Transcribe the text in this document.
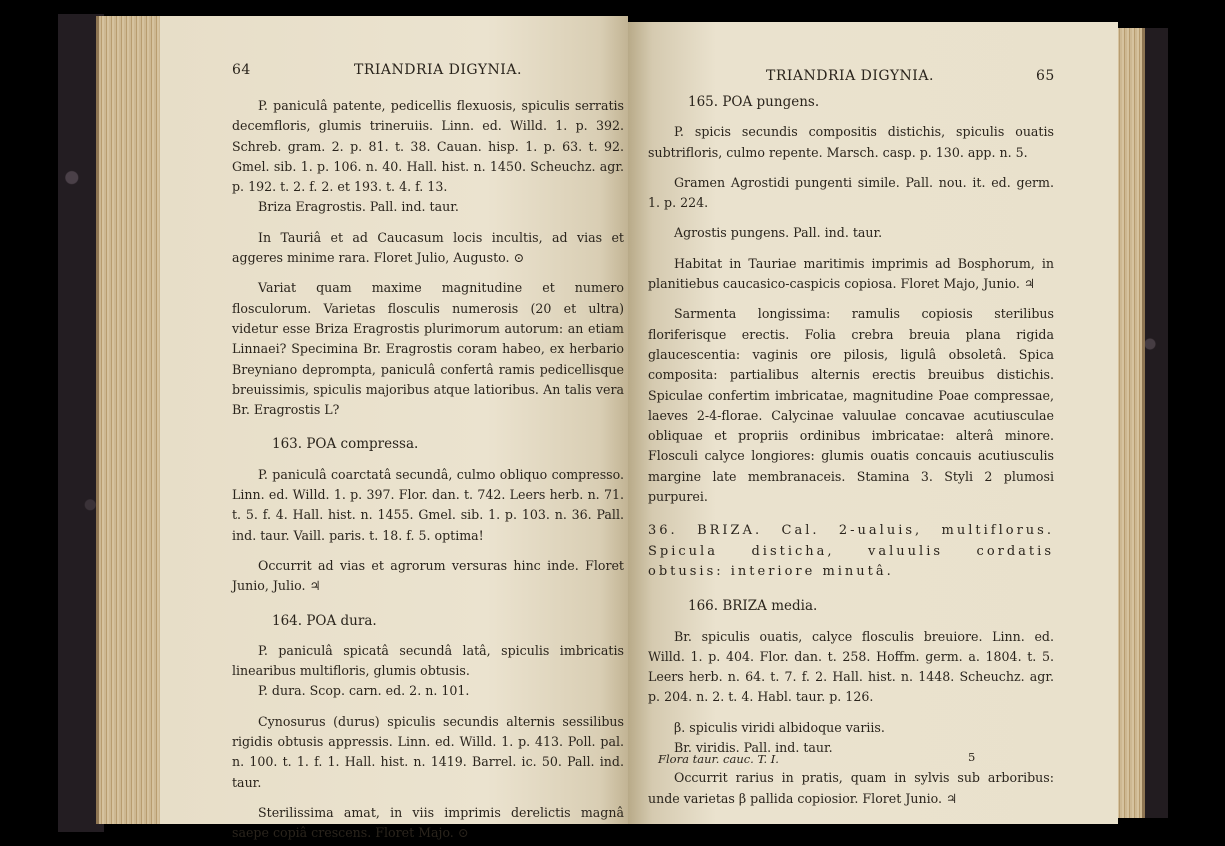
64	TRIANDRIA DIGYNIA.

P. paniculâ patente, pedicellis flexuosis, spiculis serratis decemfloris, glumis trineruiis. Linn. ed. Willd. 1. p. 392. Schreb. gram. 2. p. 81. t. 38. Cauan. hisp. 1. p. 63. t. 92. Gmel. sib. 1. p. 106. n. 40. Hall. hist. n. 1450. Scheuchz. agr. p. 192. t. 2. f. 2. et 193. t. 4. f. 13.

Briza Eragrostis. Pall. ind. taur.

In Tauriâ et ad Caucasum locis incultis, ad vias et aggeres minime rara. Floret Julio, Augusto. ⊙

Variat quam maxime magnitudine et numero flosculorum. Varietas flosculis numerosis (20 et ultra) videtur esse Briza Eragrostis plurimorum autorum: an etiam Linnaei? Specimina Br. Eragrostis coram habeo, ex herbario Breyniano deprompta, paniculâ confertâ ramis pedicellisque breuissimis, spiculis majoribus atque latioribus. An talis vera Br. Eragrostis L?

163. POA compressa.

P. paniculâ coarctatâ secundâ, culmo obliquo compresso. Linn. ed. Willd. 1. p. 397. Flor. dan. t. 742. Leers herb. n. 71. t. 5. f. 4. Hall. hist. n. 1455. Gmel. sib. 1. p. 103. n. 36. Pall. ind. taur. Vaill. paris. t. 18. f. 5. optima!

Occurrit ad vias et agrorum versuras hinc inde. Floret Junio, Julio. ♃

164. POA dura.

P. paniculâ spicatâ secundâ latâ, spiculis imbricatis linearibus multifloris, glumis obtusis.

P. dura. Scop. carn. ed. 2. n. 101.

Cynosurus (durus) spiculis secundis alternis sessilibus rigidis obtusis appressis. Linn. ed. Willd. 1. p. 413. Poll. pal. n. 100. t. 1. f. 1. Hall. hist. n. 1419. Barrel. ic. 50. Pall. ind. taur.

Sterilissima amat, in viis imprimis derelictis magnâ saepe copiâ crescens. Floret Majo. ⊙

TRIANDRIA DIGYNIA.	65

165. POA pungens.

P. spicis secundis compositis distichis, spiculis ouatis subtrifloris, culmo repente. Marsch. casp. p. 130. app. n. 5.

Gramen Agrostidi pungenti simile. Pall. nou. it. ed. germ. 1. p. 224.

Agrostis pungens. Pall. ind. taur.

Habitat in Tauriae maritimis imprimis ad Bosphorum, in planitiebus caucasico-caspicis copiosa. Floret Majo, Junio. ♃

Sarmenta longissima: ramulis copiosis sterilibus floriferisque erectis. Folia crebra breuia plana rigida glaucescentia: vaginis ore pilosis, ligulâ obsoletâ. Spica composita: partialibus alternis erectis breuibus distichis. Spiculae confertim imbricatae, magnitudine Poae compressae, laeves 2-4-florae. Calycinae valuulae concavae acutiusculae obliquae et propriis ordinibus imbricatae: alterâ minore. Flosculi calyce longiores: glumis ouatis concauis acutiusculis margine late membranaceis. Stamina 3. Styli 2 plumosi purpurei.

36. BRIZA. Cal. 2-ualuis, multiflorus. Spicula disticha, valuulis cordatis obtusis: interiore minutâ.

166. BRIZA media.

Br. spiculis ouatis, calyce flosculis breuiore. Linn. ed. Willd. 1. p. 404. Flor. dan. t. 258. Hoffm. germ. a. 1804. t. 5. Leers herb. n. 64. t. 7. f. 2. Hall. hist. n. 1448. Scheuchz. agr. p. 204. n. 2. t. 4. Habl. taur. p. 126.

β. spiculis viridi albidoque variis.

Br. viridis. Pall. ind. taur.

Occurrit rarius in pratis, quam in sylvis sub arboribus: unde varietas β pallida copiosior. Floret Junio. ♃

Flora taur. cauc. T. I.	5
